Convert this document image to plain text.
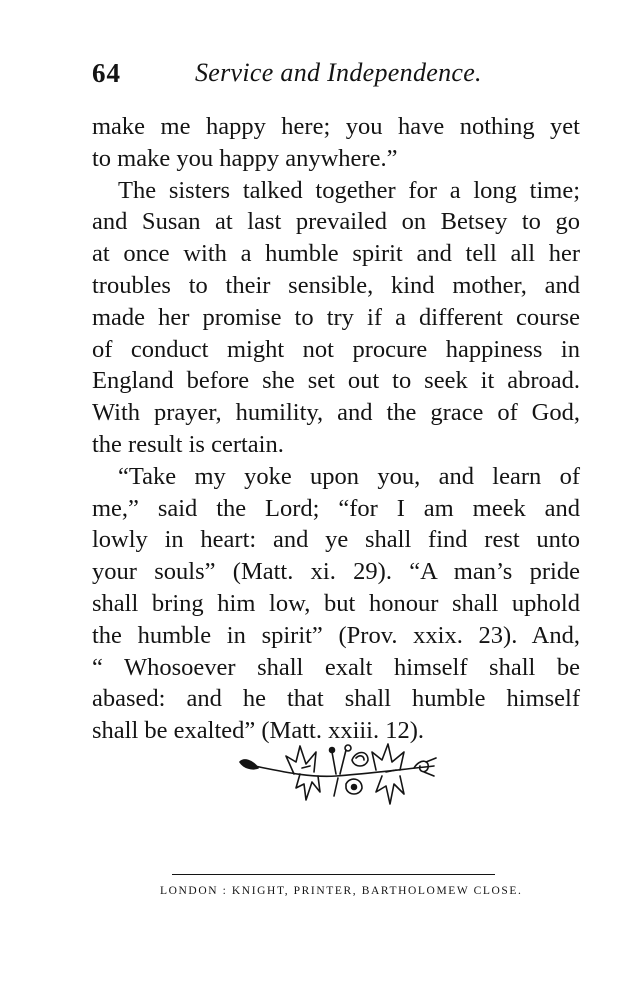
64	Service and Independence.
make me happy here; you have nothing yet
to make you happy anywhere.”
The sisters talked together for a long time;
and Susan at last prevailed on Betsey to go
at once with a humble spirit and tell all her
troubles to their sensible, kind mother, and
made her promise to try if a different course
of conduct might not procure happiness in
England before she set out to seek it abroad.
With prayer, humility, and the grace of God,
the result is certain.
“Take my yoke upon you, and learn of
me,” said the Lord; “for I am meek and
lowly in heart: and ye shall find rest unto
your souls” (Matt. xi. 29). “A man’s pride
shall bring him low, but honour shall uphold
the humble in spirit” (Prov. xxix. 23). And,
“ Whosoever shall exalt himself shall be
abased: and he that shall humble himself
shall be exalted” (Matt. xxiii. 12).
LONDON : KNIGHT, PRINTER, BARTHOLOMEW CLOSE.
